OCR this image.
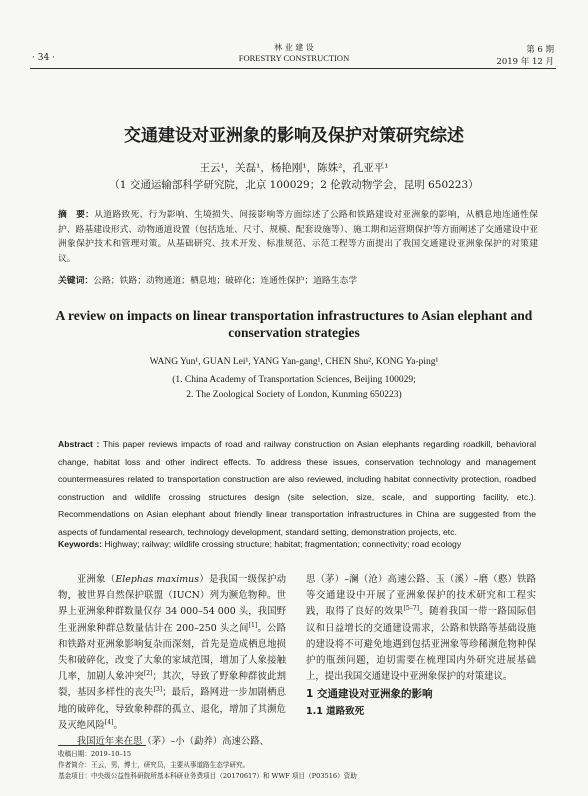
· 34 ·
林 业 建 设
FORESTRY CONSTRUCTION
第 6 期
2019 年 12 月
交通建设对亚洲象的影响及保护对策研究综述
王云¹，关磊¹，杨艳刚¹，陈姝²，孔亚平¹
（1 交通运输部科学研究院，北京 100029；2 伦敦动物学会，昆明 650223）
摘　要：从道路致死、行为影响、生境损失、间接影响等方面综述了公路和铁路建设对亚洲象的影响，从栖息地连通性保护、路基建设形式、动物通道设置（包括选址、尺寸、规模、配套设施等）、施工期和运营期保护等方面阐述了交通建设中亚洲象保护技术和管理对策。从基础研究、技术开发、标准规范、示范工程等方面提出了我国交通建设亚洲象保护的对策建议。
关键词：公路；铁路；动物通道；栖息地；破碎化；连通性保护；道路生态学
A review on impacts on linear transportation infrastructures to Asian elephant and conservation strategies
WANG Yun¹, GUAN Lei¹, YANG Yan-gang¹, CHEN Shu², KONG Ya-ping¹
(1. China Academy of Transportation Sciences, Beijing 100029;
2. The Zoological Society of London, Kunming 650223)
Abstract : This paper reviews impacts of road and railway construction on Asian elephants regarding roadkill, behavioral change, habitat loss and other indirect effects. To address these issues, conservation technology and management countermeasures related to transportation construction are also reviewed, including habitat connectivity protection, roadbed construction and wildlife crossing structures design (site selection, size, scale, and supporting facility, etc.). Recommendations on Asian elephant about friendly linear transportation infrastructures in China are suggested from the aspects of fundamental research, technology development, standard setting, demonstration projects, etc.
Keywords: Highway; railway; wildlife crossing structure; habitat; fragmentation; connectivity; road ecology
亚洲象（Elephas maximus）是我国一级保护动物，被世界自然保护联盟（IUCN）列为濒危物种。世界上亚洲象种群数量仅存 34 000–54 000 头，我国野生亚洲象种群总数量估计在 200–250 头之间[1]。公路和铁路对亚洲象影响复杂而深刻，首先是造成栖息地损失和破碎化，改变了大象的家域范围，增加了人象接触几率，加剧人象冲突[2]；其次，导致了野象种群彼此割裂，基因多样性的丧失[3]；最后，路网进一步加剧栖息地的破碎化，导致象种群的孤立、退化，增加了其濒危及灭绝风险[4]。
我国近年来在思（茅）–小（勐养）高速公路、
思（茅）–澜（沧）高速公路、玉（溪）–磨（憨）铁路等交通建设中开展了亚洲象保护的技术研究和工程实践，取得了良好的效果[5–7]。随着我国一带一路国际倡议和日益增长的交通建设需求，公路和铁路等基础设施的建设将不可避免地遇到包括亚洲象等珍稀濒危物种保护的瓶颈问题，迫切需要在梳理国内外研究进展基础上，提出我国交通建设中亚洲象保护的对策建议。
1 交通建设对亚洲象的影响
1.1 道路致死
收稿日期：2019–10–15
作者简介：王云，男，博士，研究员，主要从事道路生态学研究。
基金项目：中央级公益性科研院所基本科研业务费项目（20170617）和 WWF 项目（P03516）资助
